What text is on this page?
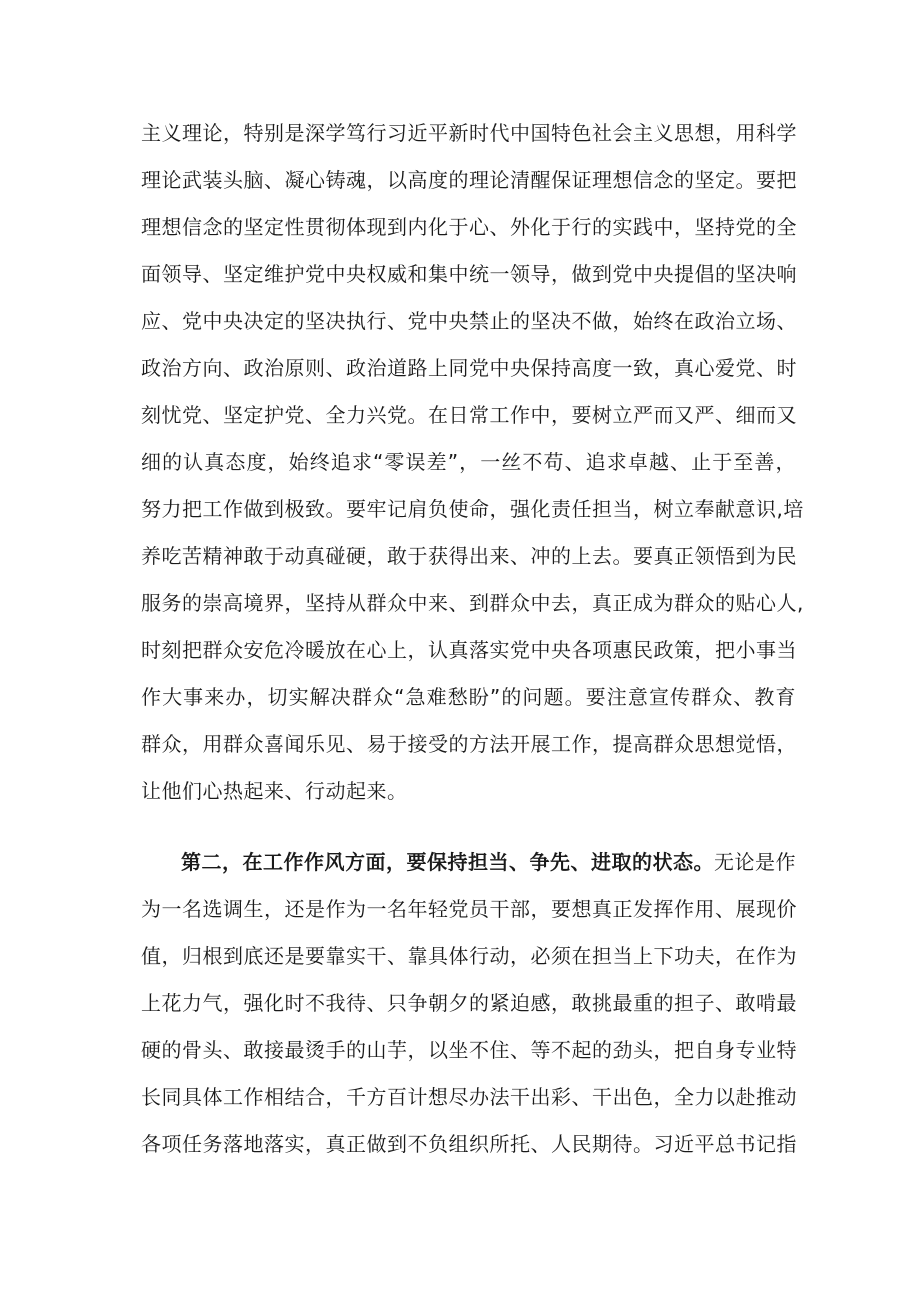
主义理论，特别是深学笃行习近平新时代中国特色社会主义思想，用科学
理论武装头脑、凝心铸魂，以高度的理论清醒保证理想信念的坚定。要把
理想信念的坚定性贯彻体现到内化于心、外化于行的实践中，坚持党的全
面领导、坚定维护党中央权威和集中统一领导，做到党中央提倡的坚决响
应、党中央决定的坚决执行、党中央禁止的坚决不做，始终在政治立场、
政治方向、政治原则、政治道路上同党中央保持高度一致，真心爱党、时
刻忧党、坚定护党、全力兴党。在日常工作中，要树立严而又严、细而又
细的认真态度，始终追求“零误差”，一丝不苟、追求卓越、止于至善，
努力把工作做到极致。要牢记肩负使命，强化责任担当，树立奉献意识,培
养吃苦精神敢于动真碰硬，敢于获得出来、冲的上去。要真正领悟到为民
服务的崇高境界，坚持从群众中来、到群众中去，真正成为群众的贴心人,
时刻把群众安危冷暖放在心上，认真落实党中央各项惠民政策，把小事当
作大事来办，切实解决群众“急难愁盼”的问题。要注意宣传群众、教育
群众，用群众喜闻乐见、易于接受的方法开展工作，提高群众思想觉悟，
让他们心热起来、行动起来。
第二，在工作作风方面，要保持担当、争先、进取的状态。无论是作
为一名选调生，还是作为一名年轻党员干部，要想真正发挥作用、展现价
值，归根到底还是要靠实干、靠具体行动，必须在担当上下功夫，在作为
上花力气，强化时不我待、只争朝夕的紧迫感，敢挑最重的担子、敢啃最
硬的骨头、敢接最烫手的山芋，以坐不住、等不起的劲头，把自身专业特
长同具体工作相结合，千方百计想尽办法干出彩、干出色，全力以赴推动
各项任务落地落实，真正做到不负组织所托、人民期待。习近平总书记指
